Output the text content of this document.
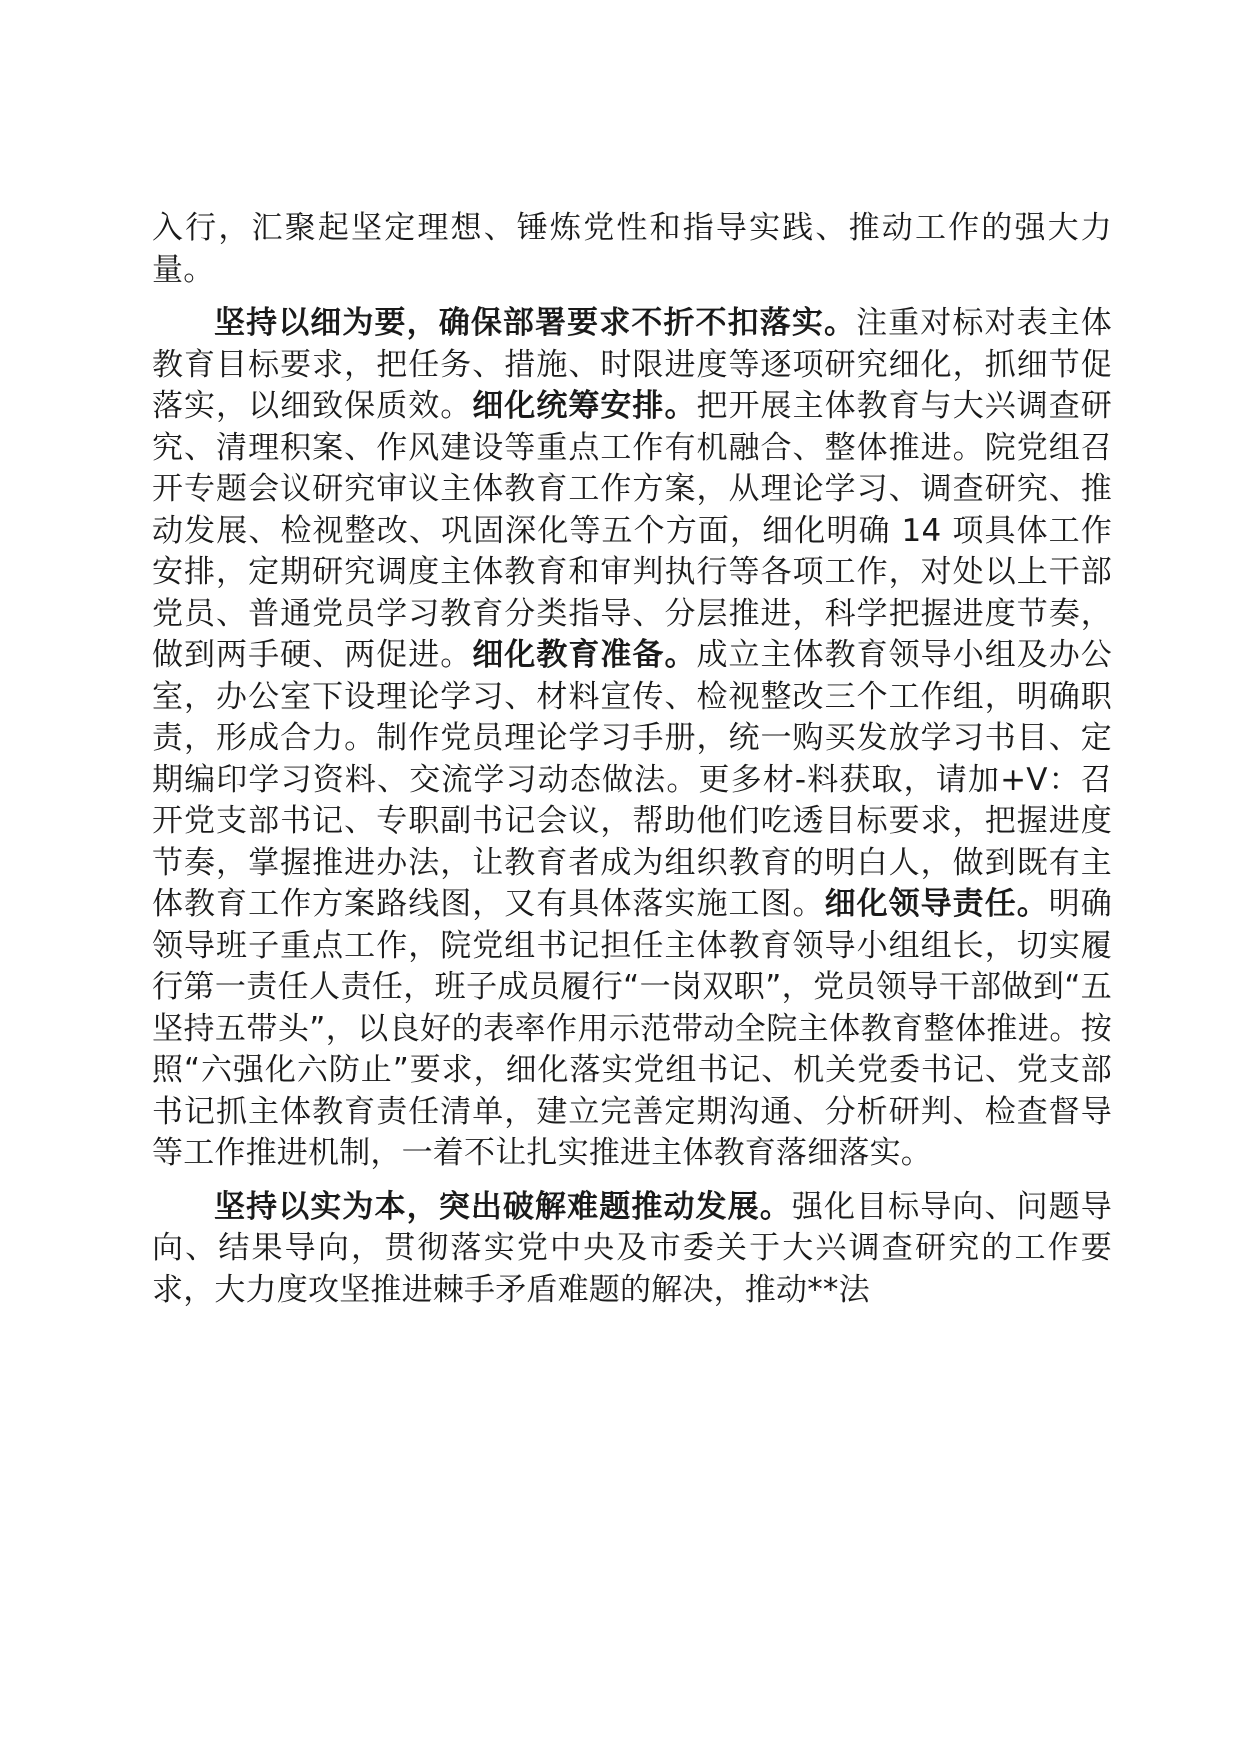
入行，汇聚起坚定理想、锤炼党性和指导实践、推动工作的强大力量。

坚持以细为要，确保部署要求不折不扣落实。注重对标对表主体教育目标要求，把任务、措施、时限进度等逐项研究细化，抓细节促落实，以细致保质效。细化统筹安排。把开展主体教育与大兴调查研究、清理积案、作风建设等重点工作有机融合、整体推进。院党组召开专题会议研究审议主体教育工作方案，从理论学习、调查研究、推动发展、检视整改、巩固深化等五个方面，细化明确 14 项具体工作安排，定期研究调度主体教育和审判执行等各项工作，对处以上干部党员、普通党员学习教育分类指导、分层推进，科学把握进度节奏，做到两手硬、两促进。细化教育准备。成立主体教育领导小组及办公室，办公室下设理论学习、材料宣传、检视整改三个工作组，明确职责，形成合力。制作党员理论学习手册，统一购买发放学习书目、定期编印学习资料、交流学习动态做法。更多材-料获取，请加+V：召开党支部书记、专职副书记会议，帮助他们吃透目标要求，把握进度节奏，掌握推进办法，让教育者成为组织教育的明白人，做到既有主体教育工作方案路线图，又有具体落实施工图。细化领导责任。明确领导班子重点工作，院党组书记担任主体教育领导小组组长，切实履行第一责任人责任，班子成员履行“一岗双职”，党员领导干部做到“五坚持五带头”，以良好的表率作用示范带动全院主体教育整体推进。按照“六强化六防止”要求，细化落实党组书记、机关党委书记、党支部书记抓主体教育责任清单，建立完善定期沟通、分析研判、检查督导等工作推进机制，一着不让扎实推进主体教育落细落实。

坚持以实为本，突出破解难题推动发展。强化目标导向、问题导向、结果导向，贯彻落实党中央及市委关于大兴调查研究的工作要求，大力度攻坚推进棘手矛盾难题的解决，推动**法
